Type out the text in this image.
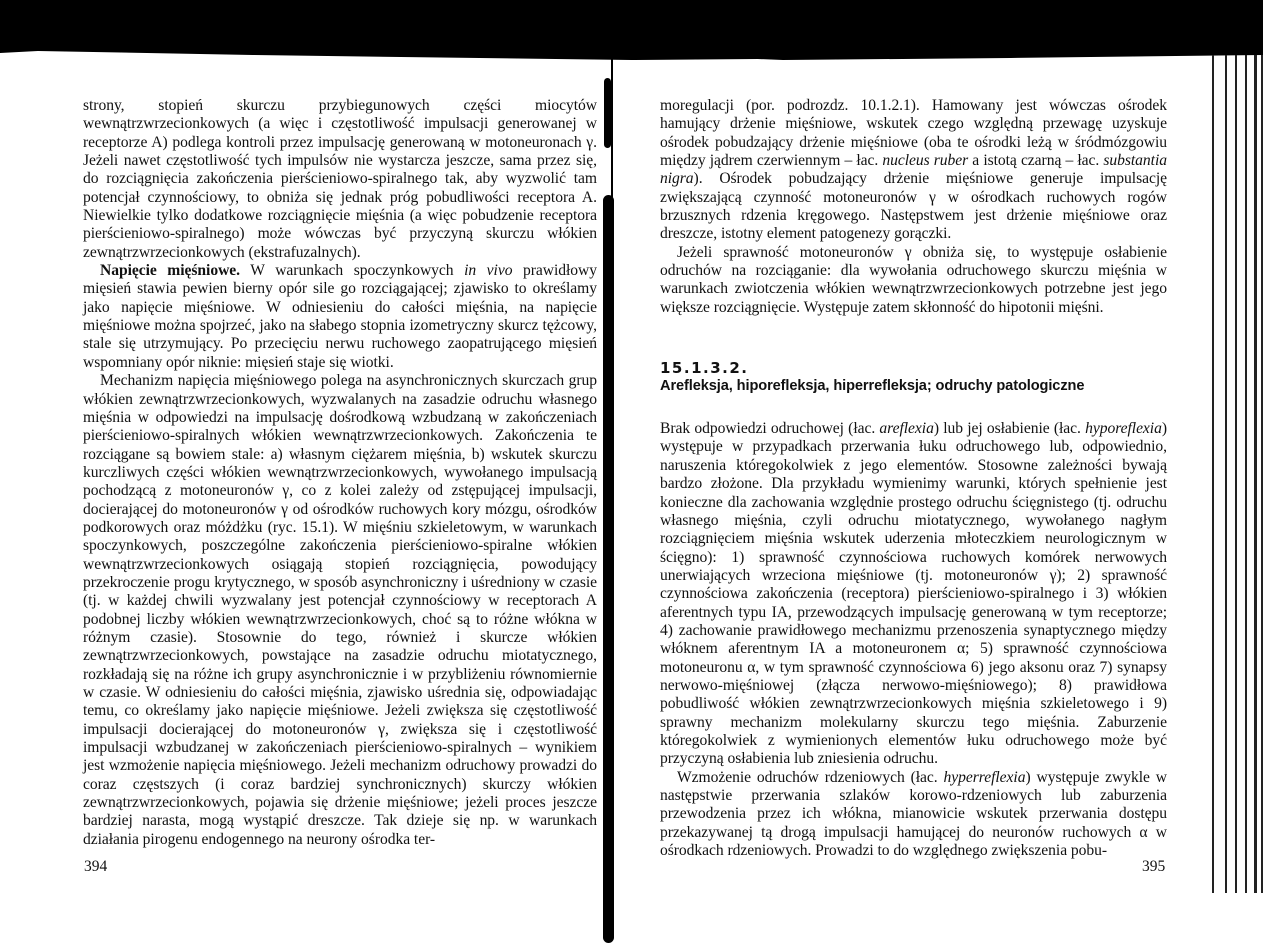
strony, stopień skurczu przybiegunowych części miocytów wewnątrzwrzecionkowych (a więc i częstotliwość impulsacji generowanej w receptorze A) podlega kontroli przez impulsację generowaną w motoneuronach γ. Jeżeli nawet częstotliwość tych impulsów nie wystarcza jeszcze, sama przez się, do rozciągnięcia zakończenia pierścieniowo-spiralnego tak, aby wyzwolić tam potencjał czynnościowy, to obniża się jednak próg pobudliwości receptora A. Niewielkie tylko dodatkowe rozciągnięcie mięśnia (a więc pobudzenie receptora pierścieniowo-spiralnego) może wówczas być przyczyną skurczu włókien zewnątrzwrzecionkowych (ekstrafuzalnych).

Napięcie mięśniowe. W warunkach spoczynkowych in vivo prawidłowy mięsień stawia pewien bierny opór sile go rozciągającej; zjawisko to określamy jako napięcie mięśniowe. W odniesieniu do całości mięśnia, na napięcie mięśniowe można spojrzeć, jako na słabego stopnia izometryczny skurcz tężcowy, stale się utrzymujący. Po przecięciu nerwu ruchowego zaopatrującego mięsień wspomniany opór niknie: mięsień staje się wiotki.

Mechanizm napięcia mięśniowego polega na asynchronicznych skurczach grup włókien zewnątrzwrzecionkowych, wyzwalanych na zasadzie odruchu własnego mięśnia w odpowiedzi na impulsację dośrodkową wzbudzaną w zakończeniach pierścieniowo-spiralnych włókien wewnątrzwrzecionkowych. Zakończenia te rozciągane są bowiem stale: a) własnym ciężarem mięśnia, b) wskutek skurczu kurczliwych części włókien wewnątrzwrzecionkowych, wywołanego impulsacją pochodzącą z motoneuronów γ, co z kolei zależy od zstępującej impulsacji, docierającej do motoneuronów γ od ośrodków ruchowych kory mózgu, ośrodków podkorowych oraz móżdżku (ryc. 15.1). W mięśniu szkieletowym, w warunkach spoczynkowych, poszczególne zakończenia pierścieniowo-spiralne włókien wewnątrzwrzecionkowych osiągają stopień rozciągnięcia, powodujący przekroczenie progu krytycznego, w sposób asynchroniczny i uśredniony w czasie (tj. w każdej chwili wyzwalany jest potencjał czynnościowy w receptorach A podobnej liczby włókien wewnątrzwrzecionkowych, choć są to różne włókna w różnym czasie). Stosownie do tego, również i skurcze włókien zewnątrzwrzecionkowych, powstające na zasadzie odruchu miotatycznego, rozkładają się na różne ich grupy asynchronicznie i w przybliżeniu równomiernie w czasie. W odniesieniu do całości mięśnia, zjawisko uśrednia się, odpowiadając temu, co określamy jako napięcie mięśniowe. Jeżeli zwiększa się częstotliwość impulsacji docierającej do motoneuronów γ, zwiększa się i częstotliwość impulsacji wzbudzanej w zakończeniach pierścieniowo-spiralnych – wynikiem jest wzmożenie napięcia mięśniowego. Jeżeli mechanizm odruchowy prowadzi do coraz częstszych (i coraz bardziej synchronicznych) skurczy włókien zewnątrzwrzecionkowych, pojawia się drżenie mięśniowe; jeżeli proces jeszcze bardziej narasta, mogą wystąpić dreszcze. Tak dzieje się np. w warunkach działania pirogenu endogennego na neurony ośrodka ter-

394

moregulacji (por. podrozdz. 10.1.2.1). Hamowany jest wówczas ośrodek hamujący drżenie mięśniowe, wskutek czego względną przewagę uzyskuje ośrodek pobudzający drżenie mięśniowe (oba te ośrodki leżą w śródmózgowiu między jądrem czerwiennym – łac. nucleus ruber a istotą czarną – łac. substantia nigra). Ośrodek pobudzający drżenie mięśniowe generuje impulsację zwiększającą czynność motoneuronów γ w ośrodkach ruchowych rogów brzusznych rdzenia kręgowego. Następstwem jest drżenie mięśniowe oraz dreszcze, istotny element patogenezy gorączki.

Jeżeli sprawność motoneuronów γ obniża się, to występuje osłabienie odruchów na rozciąganie: dla wywołania odruchowego skurczu mięśnia w warunkach zwiotczenia włókien wewnątrzwrzecionkowych potrzebne jest jego większe rozciągnięcie. Występuje zatem skłonność do hipotonii mięśni.

15.1.3.2.
Arefleksja, hiporefleksja, hiperrefleksja; odruchy patologiczne

Brak odpowiedzi odruchowej (łac. areflexia) lub jej osłabienie (łac. hyporeflexia) występuje w przypadkach przerwania łuku odruchowego lub, odpowiednio, naruszenia któregokolwiek z jego elementów. Stosowne zależności bywają bardzo złożone. Dla przykładu wymienimy warunki, których spełnienie jest konieczne dla zachowania względnie prostego odruchu ścięgnistego (tj. odruchu własnego mięśnia, czyli odruchu miotatycznego, wywołanego nagłym rozciągnięciem mięśnia wskutek uderzenia młoteczkiem neurologicznym w ścięgno): 1) sprawność czynnościowa ruchowych komórek nerwowych unerwiających wrzeciona mięśniowe (tj. motoneuronów γ); 2) sprawność czynnościowa zakończenia (receptora) pierścieniowo-spiralnego i 3) włókien aferentnych typu IA, przewodzących impulsację generowaną w tym receptorze; 4) zachowanie prawidłowego mechanizmu przenoszenia synaptycznego między włóknem aferentnym IA a motoneuronem α; 5) sprawność czynnościowa motoneuronu α, w tym sprawność czynnościowa 6) jego aksonu oraz 7) synapsy nerwowo-mięśniowej (złącza nerwowo-mięśniowego); 8) prawidłowa pobudliwość włókien zewnątrzwrzecionkowych mięśnia szkieletowego i 9) sprawny mechanizm molekularny skurczu tego mięśnia. Zaburzenie któregokolwiek z wymienionych elementów łuku odruchowego może być przyczyną osłabienia lub zniesienia odruchu.

Wzmożenie odruchów rdzeniowych (łac. hyperreflexia) występuje zwykle w następstwie przerwania szlaków korowo-rdzeniowych lub zaburzenia przewodzenia przez ich włókna, mianowicie wskutek przerwania dostępu przekazywanej tą drogą impulsacji hamującej do neuronów ruchowych α w ośrodkach rdzeniowych. Prowadzi to do względnego zwiększenia pobu-

395
